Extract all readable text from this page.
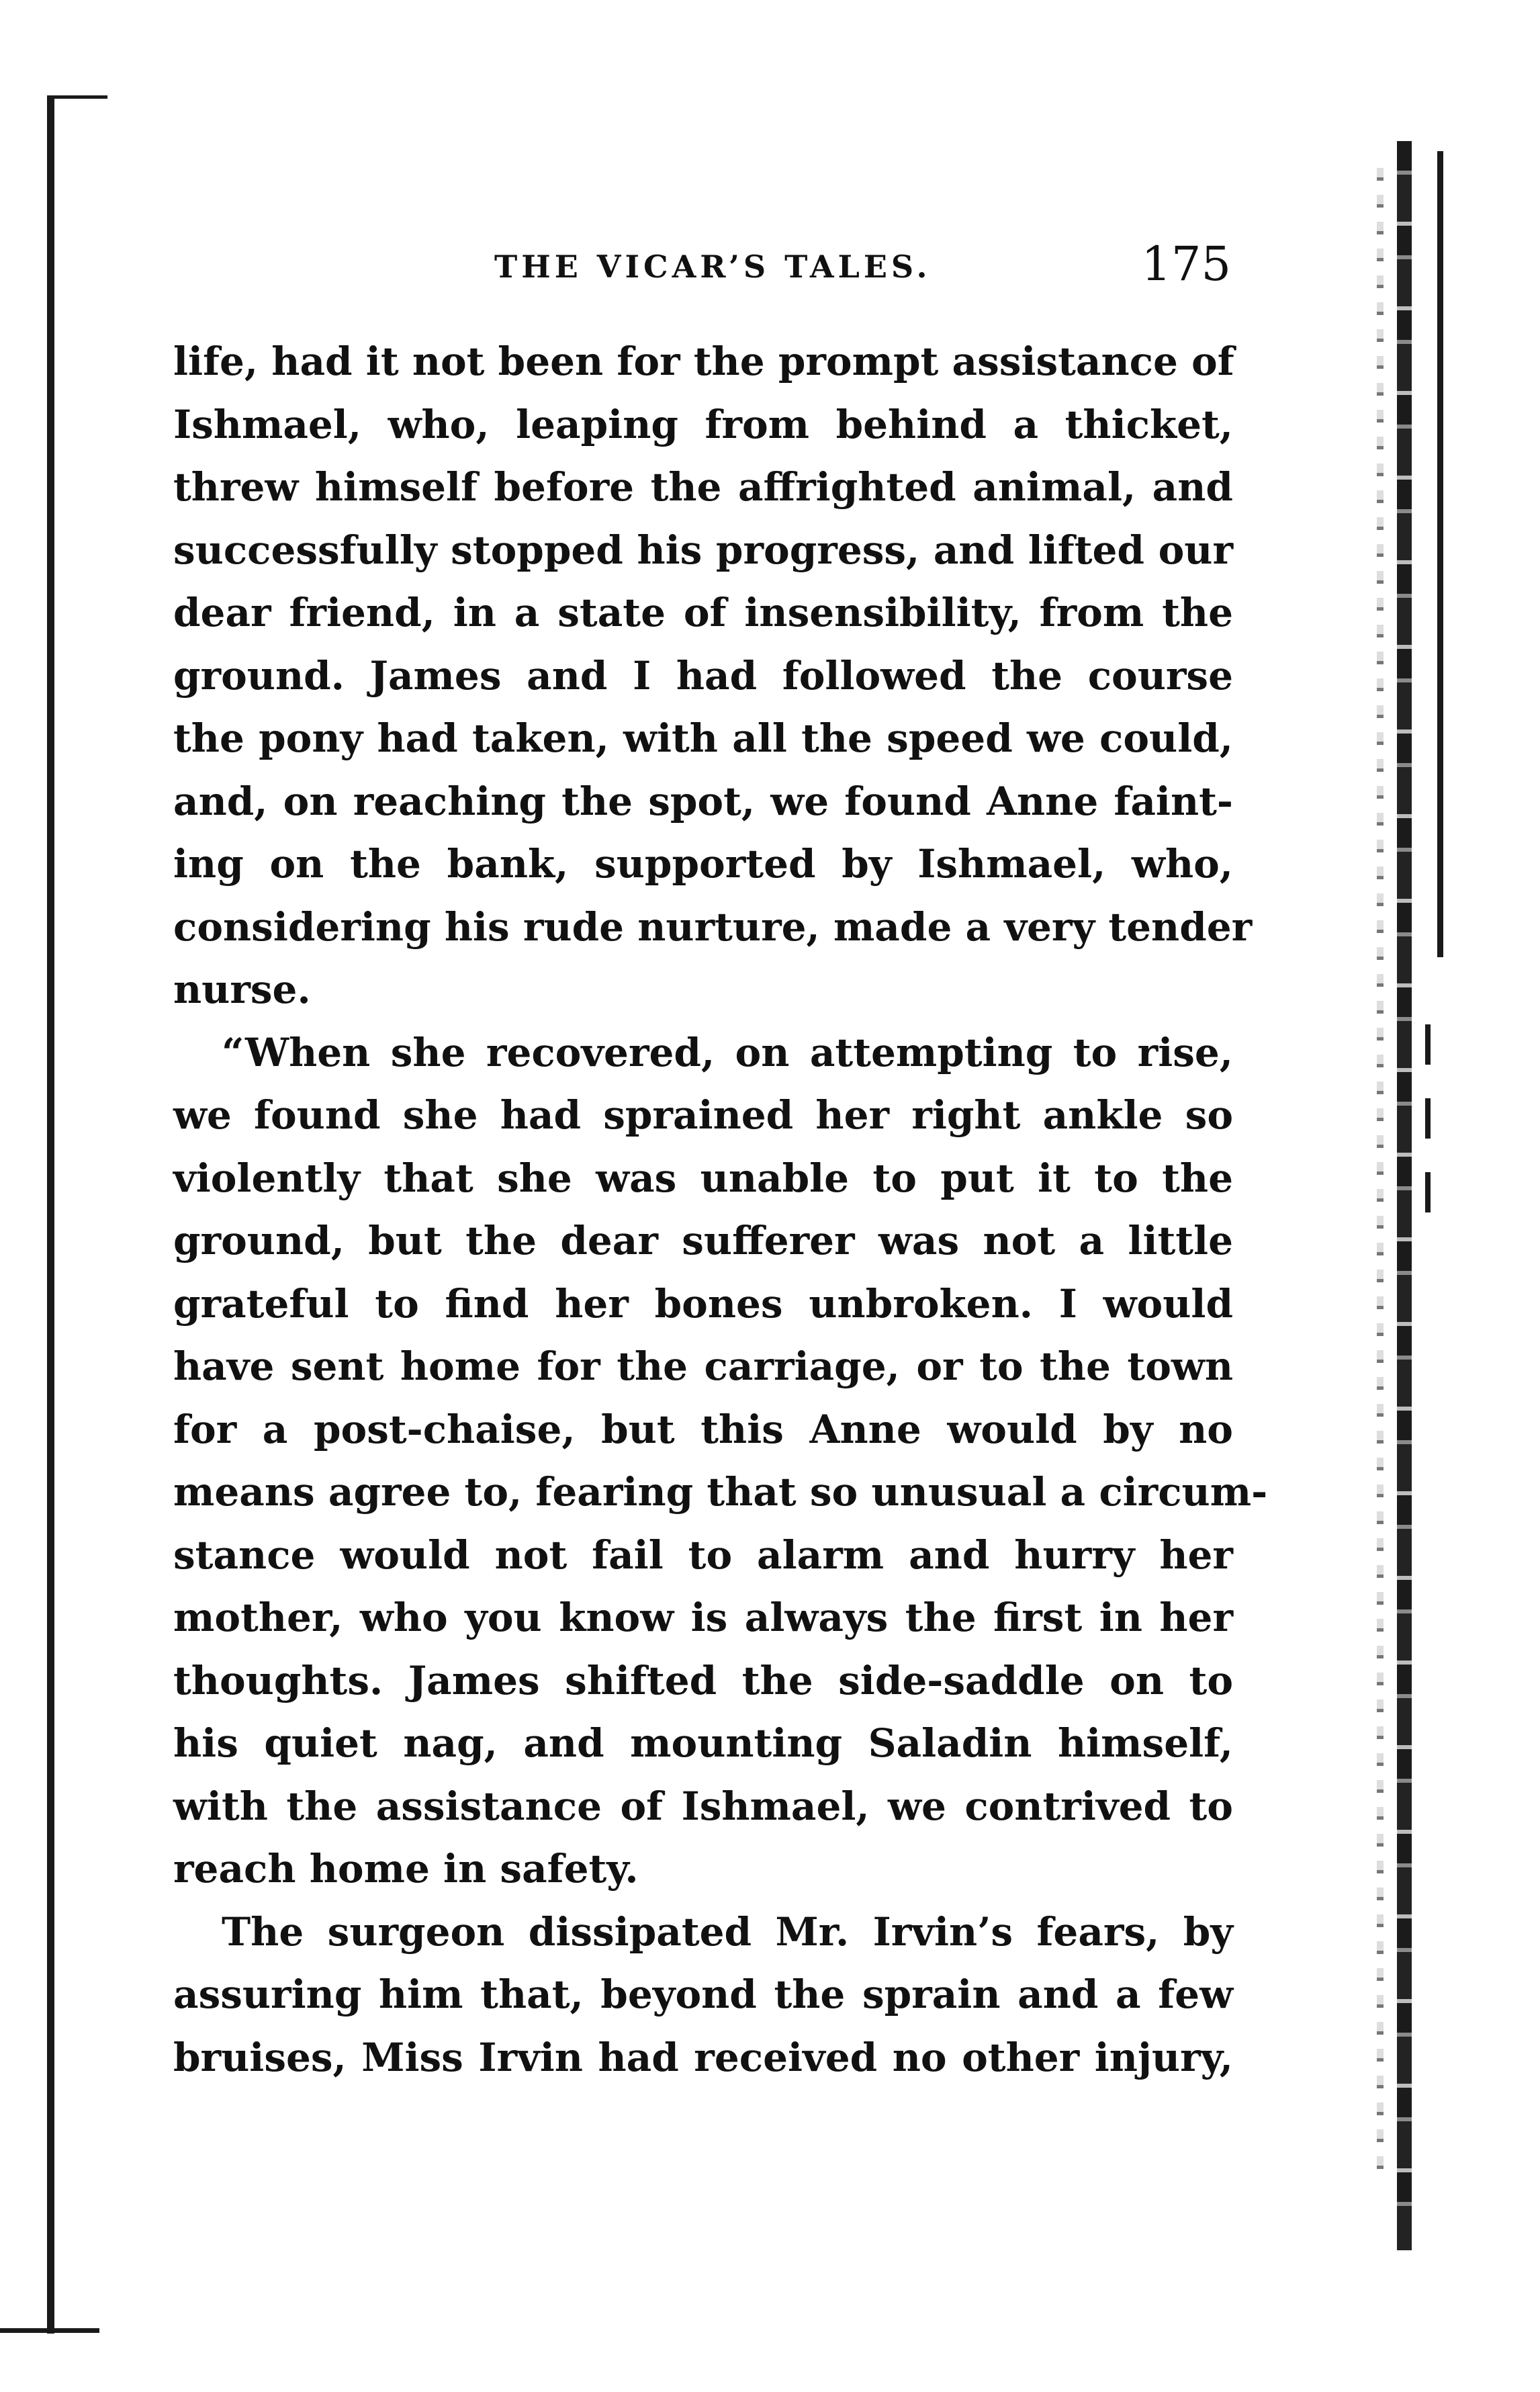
THE VICAR’S TALES.	175
life, had it not been for the prompt assistance of
Ishmael, who, leaping from behind a thicket,
threw himself before the affrighted animal, and
successfully stopped his progress, and lifted our
dear friend, in a state of insensibility, from the
ground. James and I had followed the course
the pony had taken, with all the speed we could,
and, on reaching the spot, we found Anne faint-
ing on the bank, supported by Ishmael, who,
considering his rude nurture, made a very tender
nurse.
“When she recovered, on attempting to rise,
we found she had sprained her right ankle so
violently that she was unable to put it to the
ground, but the dear sufferer was not a little
grateful to find her bones unbroken. I would
have sent home for the carriage, or to the town
for a post-chaise, but this Anne would by no
means agree to, fearing that so unusual a circum-
stance would not fail to alarm and hurry her
mother, who you know is always the first in her
thoughts. James shifted the side-saddle on to
his quiet nag, and mounting Saladin himself,
with the assistance of Ishmael, we contrived to
reach home in safety.
The surgeon dissipated Mr. Irvin’s fears, by
assuring him that, beyond the sprain and a few
bruises, Miss Irvin had received no other injury,
